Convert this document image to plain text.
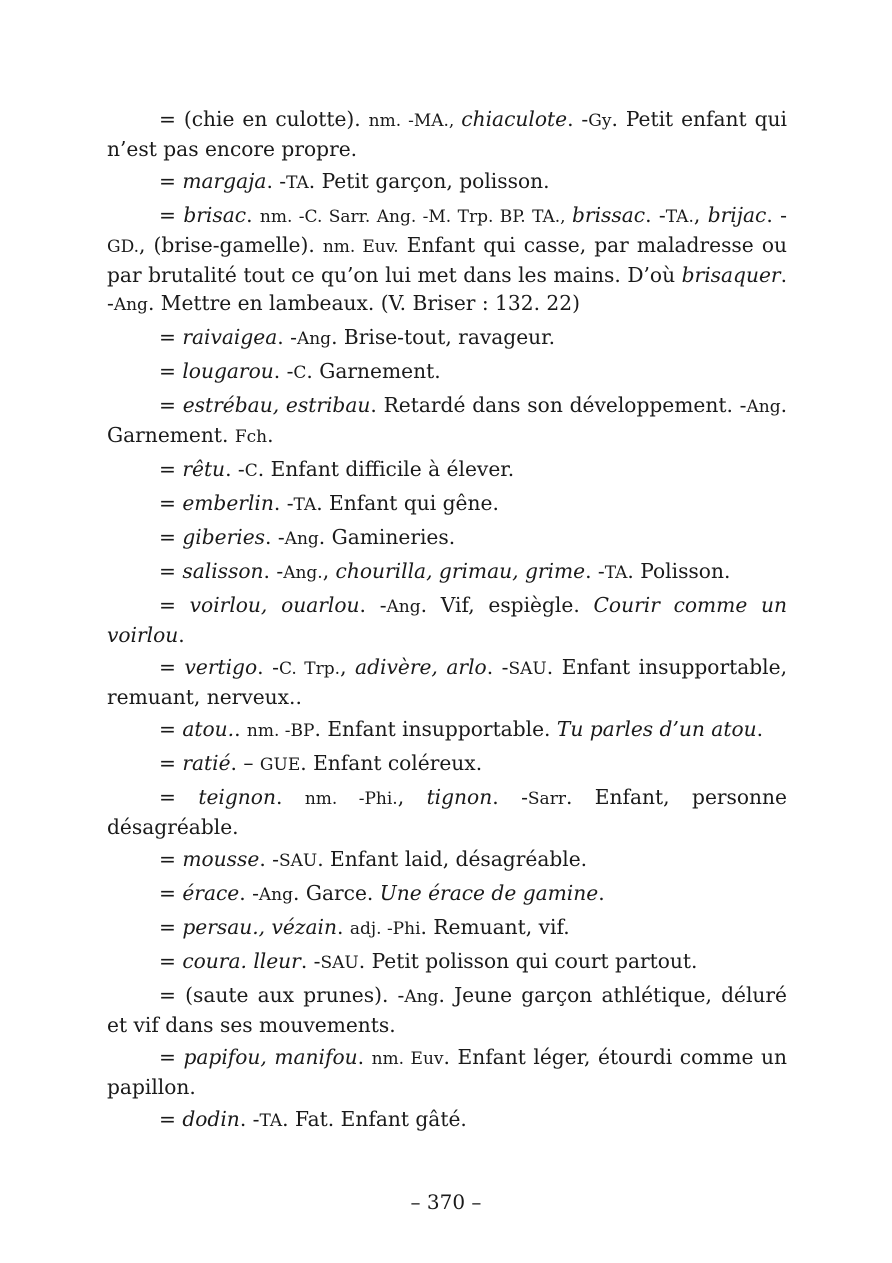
= (chie en culotte). nm. -MA., chiaculote. -Gy. Petit enfant qui n’est pas encore propre.

= margaja. -TA. Petit garçon, polisson.

= brisac. nm. -C. Sarr. Ang. -M. Trp. BP. TA., brissac. -TA., brijac. -GD., (brise-gamelle). nm. Euv. Enfant qui casse, par maladresse ou par brutalité tout ce qu’on lui met dans les mains. D’où brisaquer. -Ang. Mettre en lambeaux. (V. Briser : 132. 22)

= raivaigea. -Ang. Brise-tout, ravageur.

= lougarou. -C. Garnement.

= estrébau, estribau. Retardé dans son développement. -Ang. Garnement. Fch.

= rêtu. -C. Enfant difficile à élever.

= emberlin. -TA. Enfant qui gêne.

= giberies. -Ang. Gamineries.

= salisson. -Ang., chourilla, grimau, grime. -TA. Polisson.

= voirlou, ouarlou. -Ang. Vif, espiègle. Courir comme un voirlou.

= vertigo. -C. Trp., adivère, arlo. -SAU. Enfant insupportable, remuant, nerveux..

= atou.. nm. -BP. Enfant insupportable. Tu parles d’un atou.

= ratié. – GUE. Enfant coléreux.

= teignon. nm. -Phi., tignon. -Sarr. Enfant, personne désagréable.

= mousse. -SAU. Enfant laid, désagréable.

= érace. -Ang. Garce. Une érace de gamine.

= persau., vézain. adj. -Phi. Remuant, vif.

= coura. lleur. -SAU. Petit polisson qui court partout.

= (saute aux prunes). -Ang. Jeune garçon athlétique, déluré et vif dans ses mouvements.

= papifou, manifou. nm. Euv. Enfant léger, étourdi comme un papillon.

= dodin. -TA. Fat. Enfant gâté.

– 370 –
